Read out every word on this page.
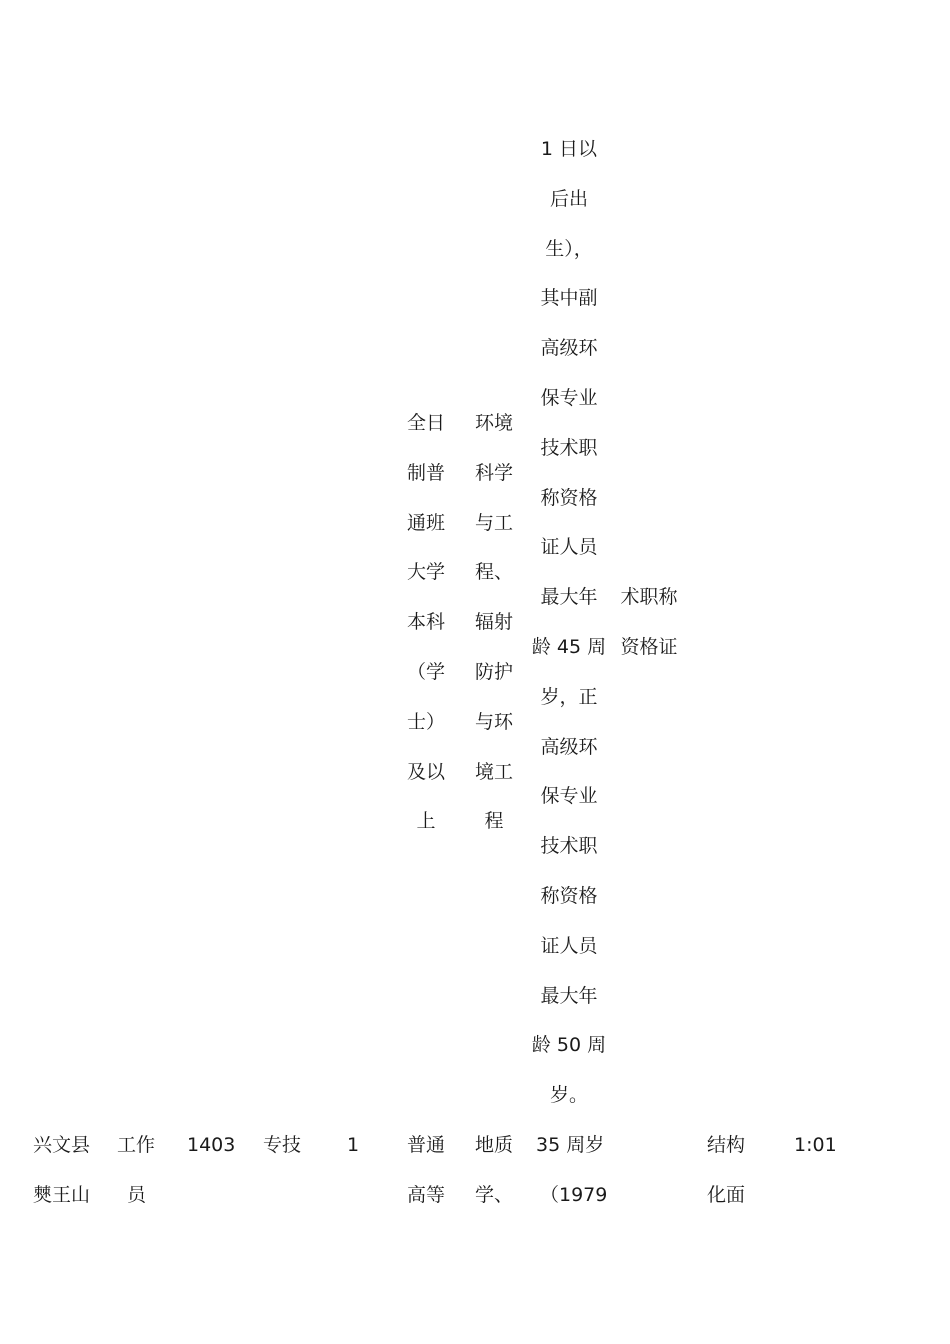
全日
制普
通班
大学
本科
（学
士）
及以
上
环境
科学
与工
程、
辐射
防护
与环
境工
程
1 日以
后出
生），
其中副
高级环
保专业
技术职
称资格
证人员
最大年
龄 45 周
岁，正
高级环
保专业
技术职
称资格
证人员
最大年
龄 50 周
岁。
术职称
资格证
兴文县
僰王山
工作
员
1403 专技 1	普通
高等
地质
学、
35 周岁
（1979
结构
化面
1:01
